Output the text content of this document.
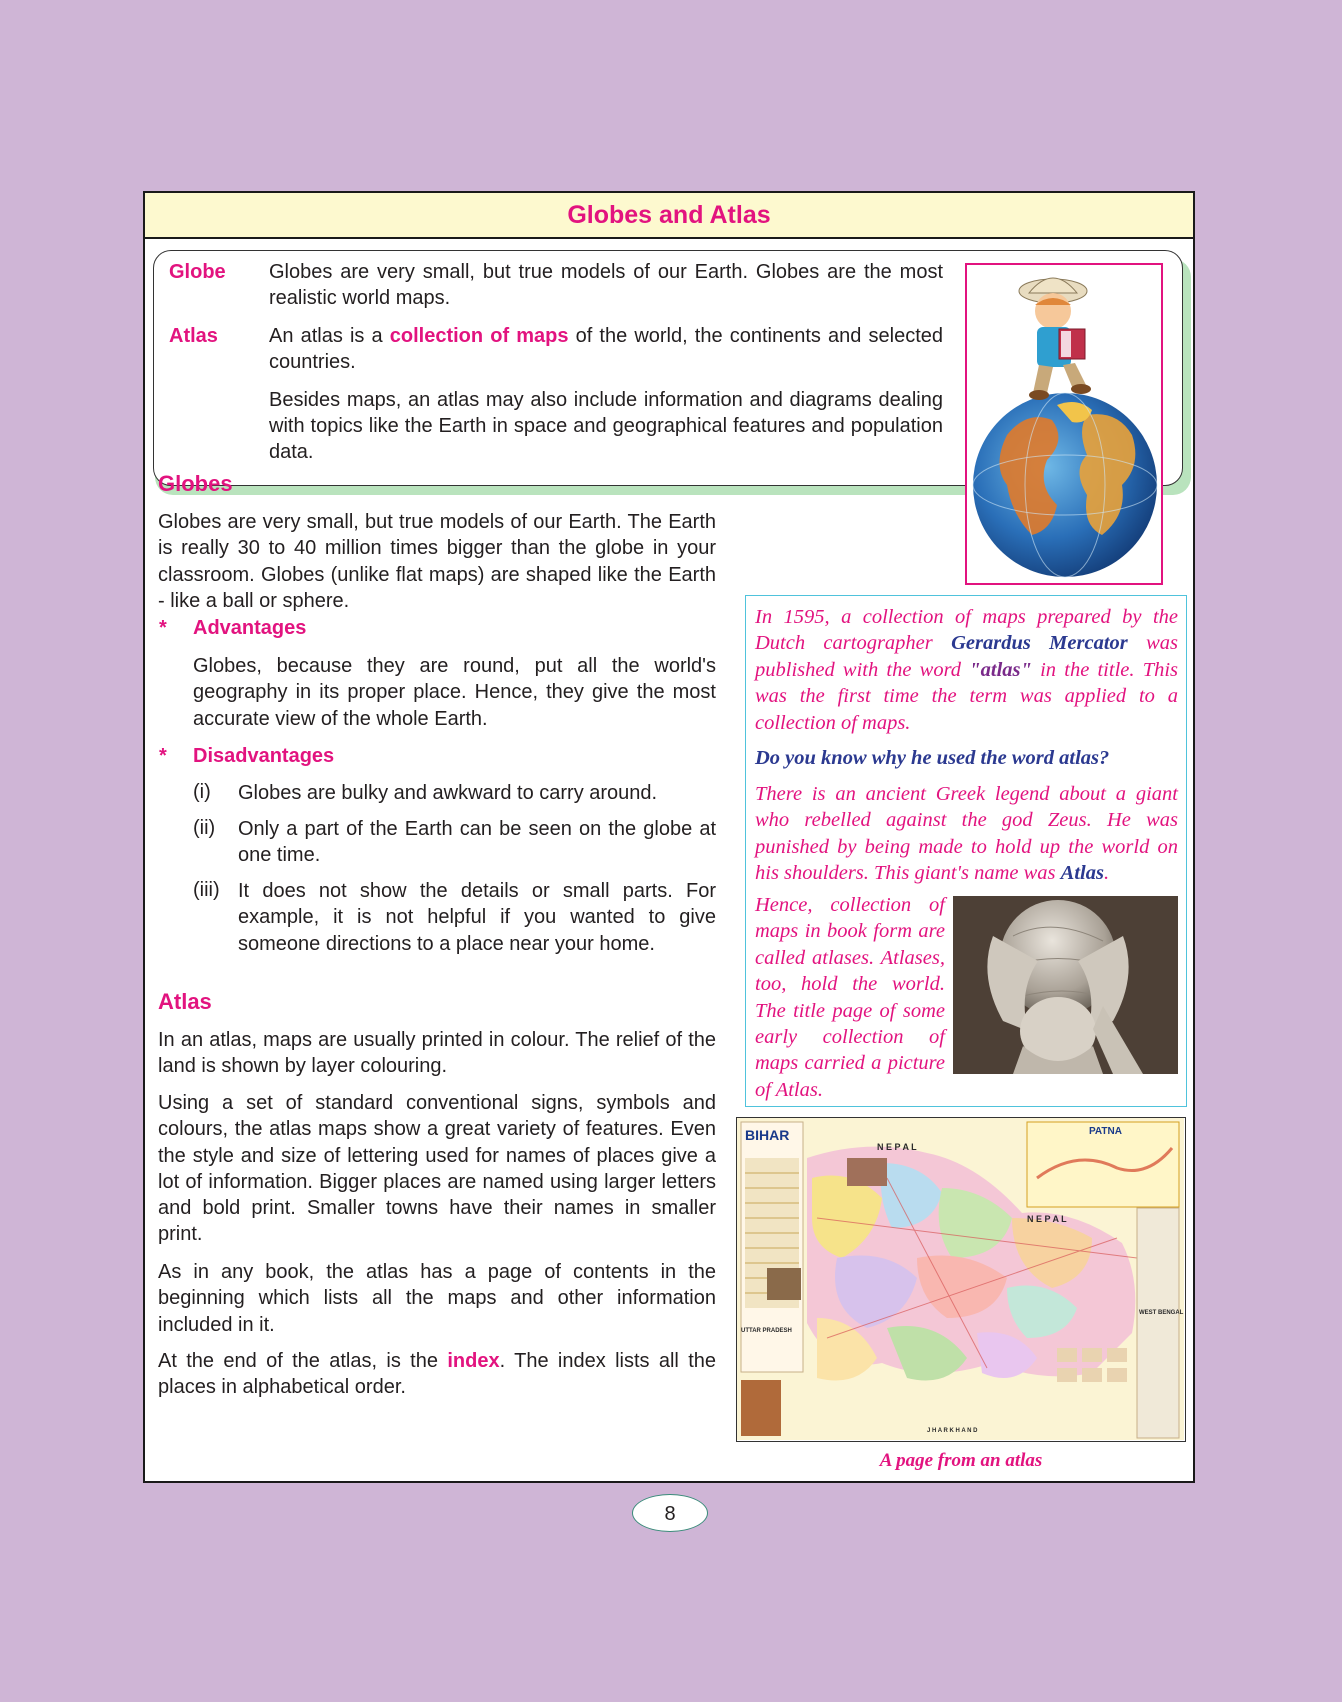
Globes and Atlas
Globe Globes are very small, but true models of our Earth. Globes are the most realistic world maps.
Atlas	An atlas is a collection of maps of the world, the continents and selected countries.
Besides maps, an atlas may also include information and diagrams dealing with topics like the Earth in space and geographical features and population data.
Globes
Globes are very small, but true models of our Earth. The Earth is really 30 to 40 million times bigger than the globe in your classroom. Globes (unlike flat maps) are shaped like the Earth - like a ball or sphere.
* Advantages
Globes, because they are round, put all the world's geography in its proper place. Hence, they give the most accurate view of the whole Earth.
* Disadvantages
(i) Globes are bulky and awkward to carry around.
(ii) Only a part of the Earth can be seen on the globe at one time.
(iii) It does not show the details or small parts. For example, it is not helpful if you wanted to give someone directions to a place near your home.
Atlas
In an atlas, maps are usually printed in colour. The relief of the land is shown by layer colouring.
Using a set of standard conventional signs, symbols and colours, the atlas maps show a great variety of features. Even the style and size of lettering used for names of places give a lot of information. Bigger places are named using larger letters and bold print. Smaller towns have their names in smaller print.
As in any book, the atlas has a page of contents in the beginning which lists all the maps and other information included in it.
At the end of the atlas, is the index. The index lists all the places in alphabetical order.
In 1595, a collection of maps prepared by the Dutch cartographer Gerardus Mercator was published with the word "atlas" in the title. This was the first time the term was applied to a collection of maps.
Do you know why he used the word atlas?
There is an ancient Greek legend about a giant who rebelled against the god Zeus. He was punished by being made to hold up the world on his shoulders. This giant's name was Atlas.
Hence, collection of maps in book form are called atlases. Atlases, too, hold the world. The title page of some early collection of maps carried a picture of Atlas.
BIHAR	PATNA
N E P A L
N E P A L
UTTAR PRADESH
WEST BENGAL
J H A R K H A N D
A page from an atlas
8
